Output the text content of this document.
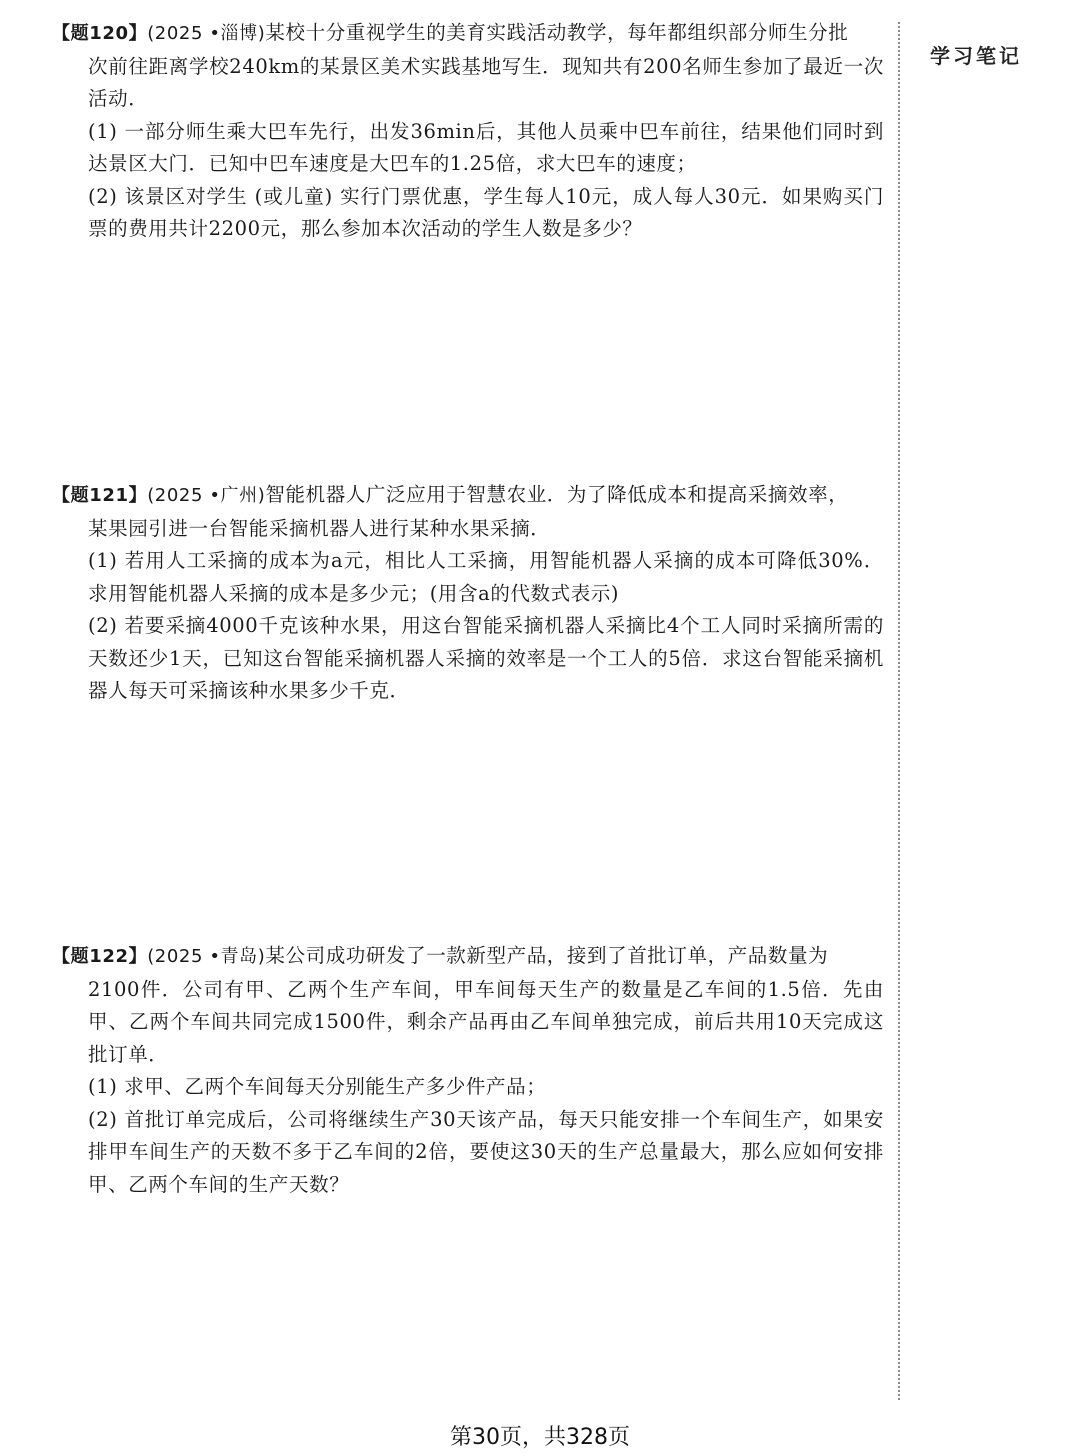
学习笔记

【题120】(2025 •淄博)某校十分重视学生的美育实践活动教学，每年都组织部分师生分批
次前往距离学校240km的某景区美术实践基地写生．现知共有200名师生参加了最近一次活动．

(1) 一部分师生乘大巴车先行，出发36min后，其他人员乘中巴车前往，结果他们同时到达景区大门．已知中巴车速度是大巴车的1.25倍，求大巴车的速度；

(2) 该景区对学生 (或儿童) 实行门票优惠，学生每人10元，成人每人30元．如果购买门票的费用共计2200元，那么参加本次活动的学生人数是多少？

【题121】(2025 •广州)智能机器人广泛应用于智慧农业．为了降低成本和提高采摘效率，
某果园引进一台智能采摘机器人进行某种水果采摘．

(1) 若用人工采摘的成本为a元，相比人工采摘，用智能机器人采摘的成本可降低30%．求用智能机器人采摘的成本是多少元；(用含a的代数式表示)

(2) 若要采摘4000千克该种水果，用这台智能采摘机器人采摘比4个工人同时采摘所需的天数还少1天，已知这台智能采摘机器人采摘的效率是一个工人的5倍．求这台智能采摘机器人每天可采摘该种水果多少千克．

【题122】(2025 •青岛)某公司成功研发了一款新型产品，接到了首批订单，产品数量为
2100件．公司有甲、乙两个生产车间，甲车间每天生产的数量是乙车间的1.5倍．先由甲、乙两个车间共同完成1500件，剩余产品再由乙车间单独完成，前后共用10天完成这批订单．

(1) 求甲、乙两个车间每天分别能生产多少件产品；

(2) 首批订单完成后，公司将继续生产30天该产品，每天只能安排一个车间生产，如果安排甲车间生产的天数不多于乙车间的2倍，要使这30天的生产总量最大，那么应如何安排甲、乙两个车间的生产天数？

第30页，共328页
